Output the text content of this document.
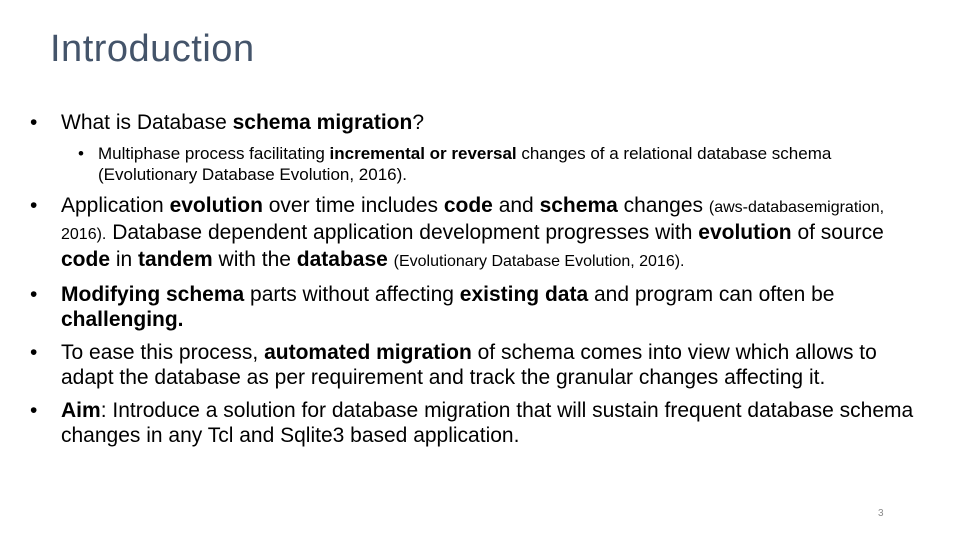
Introduction
• What is Database schema migration?
• Multiphase process facilitating incremental or reversal changes of a relational database schema (Evolutionary Database Evolution, 2016).
• Application evolution over time includes code and schema changes (aws-databasemigration, 2016). Database dependent application development progresses with evolution of source code in tandem with the database (Evolutionary Database Evolution, 2016).
• Modifying schema parts without affecting existing data and program can often be challenging.
• To ease this process, automated migration of schema comes into view which allows to adapt the database as per requirement and track the granular changes affecting it.
• Aim: Introduce a solution for database migration that will sustain frequent database schema changes in any Tcl and Sqlite3 based application.
3
